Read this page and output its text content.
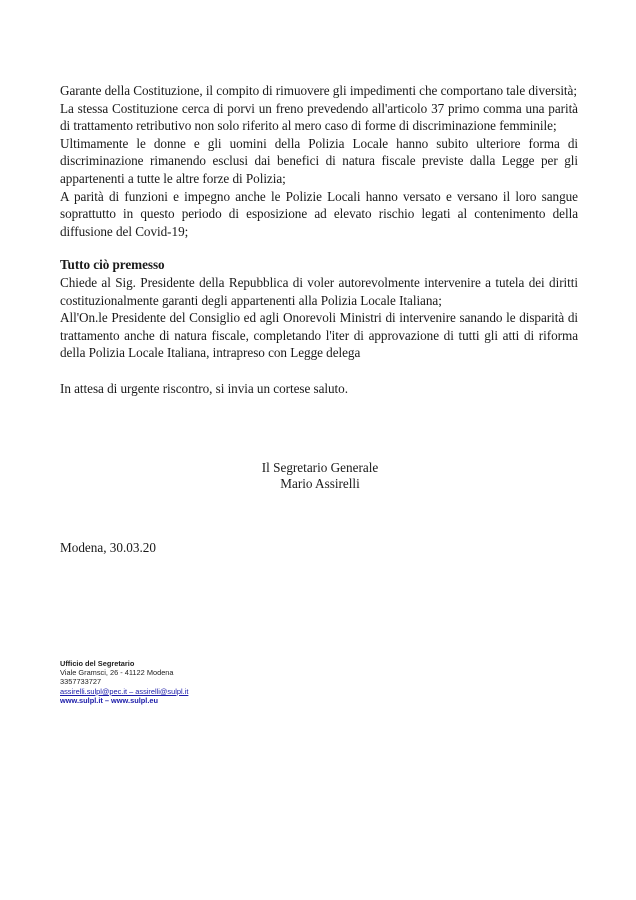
Garante della Costituzione, il compito di rimuovere gli impedimenti che comportano tale diversità;

La stessa Costituzione cerca di porvi un freno prevedendo all'articolo 37 primo comma una parità di trattamento retributivo non solo riferito al mero caso di forme di discriminazione femminile;

Ultimamente le donne e gli uomini della Polizia Locale hanno subito ulteriore forma di discriminazione rimanendo esclusi dai benefici di natura fiscale previste dalla Legge per gli appartenenti a tutte le altre forze di Polizia;

A parità di funzioni e impegno anche le Polizie Locali hanno versato e versano il loro sangue soprattutto in questo periodo di esposizione ad elevato rischio legati al contenimento della diffusione del Covid-19;

Tutto ciò premesso

Chiede al Sig. Presidente della Repubblica di voler autorevolmente intervenire a tutela dei diritti costituzionalmente garanti degli appartenenti alla Polizia Locale Italiana;

All'On.le Presidente del Consiglio ed agli Onorevoli Ministri di intervenire sanando le disparità di trattamento anche di natura fiscale, completando l'iter di approvazione di tutti gli atti di riforma della Polizia Locale Italiana, intrapreso con Legge delega

In attesa di urgente riscontro, si invia un cortese saluto.

Il Segretario Generale
Mario Assirelli
Modena, 30.03.20
Ufficio del Segretario
Viale Gramsci, 26 - 41122 Modena
3357733727
assirelli.sulpl@pec.it – assirelli@sulpl.it
www.sulpl.it – www.sulpl.eu
